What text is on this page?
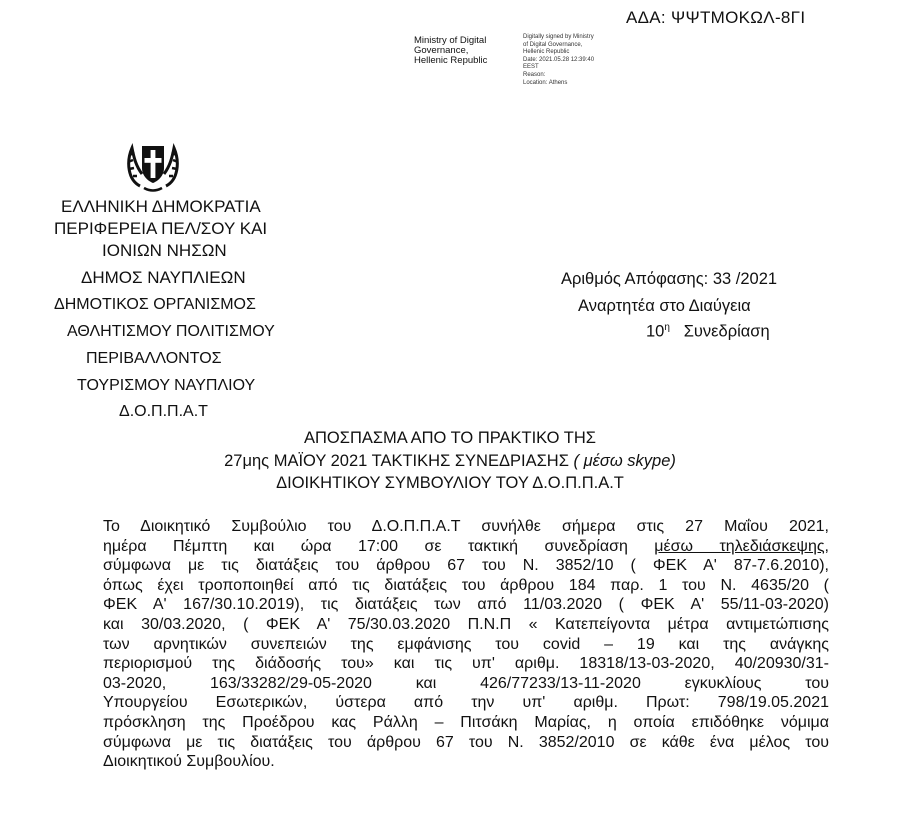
ΑΔΑ: ΨΨΤΜΟΚΩΛ-8ΓΙ
Ministry of Digital
Governance,
Hellenic Republic
Digitally signed by Ministry
of Digital Governance,
Hellenic Republic
Date: 2021.05.28 12:39:40
EEST
Reason:
Location: Athens
ΕΛΛΗΝΙΚΗ ΔΗΜΟΚΡΑΤΙΑ
ΠΕΡΙΦΕΡΕΙΑ ΠΕΛ/ΣΟΥ ΚΑΙ
ΙΟΝΙΩΝ ΝΗΣΩΝ
ΔΗΜΟΣ ΝΑΥΠΛΙΕΩΝ
ΔΗΜΟΤΙΚΟΣ ΟΡΓΑΝΙΣΜΟΣ
ΑΘΛΗΤΙΣΜΟΥ ΠΟΛΙΤΙΣΜΟΥ
ΠΕΡΙΒΑΛΛΟΝΤΟΣ
ΤΟΥΡΙΣΜΟΥ ΝΑΥΠΛΙΟΥ
Δ.Ο.Π.Π.Α.Τ
Αριθμός Απόφασης: 33 /2021
Αναρτητέα στο Διαύγεια
$10^\eta$ Συνεδρίαση
ΑΠΟΣΠΑΣΜΑ ΑΠΟ ΤΟ ΠΡΑΚΤΙΚΟ ΤΗΣ
27μης ΜΑΪΟΥ 2021 ΤΑΚΤΙΚΗΣ ΣΥΝΕΔΡΙΑΣΗΣ ( μέσω skype)
ΔΙΟΙΚΗΤΙΚΟΥ ΣΥΜΒΟΥΛΙΟΥ ΤΟΥ Δ.Ο.Π.Π.Α.Τ
Το Διοικητικό Συμβούλιο του Δ.Ο.Π.Π.Α.Τ συνήλθε σήμερα στις 27 Μαΐου 2021,
ημέρα Πέμπτη και ώρα 17:00 σε τακτική συνεδρίαση μέσω τηλεδιάσκεψης,
σύμφωνα με τις διατάξεις του άρθρου 67 του Ν. 3852/10 ( ΦΕΚ Α' 87-7.6.2010),
όπως έχει τροποποιηθεί από τις διατάξεις του άρθρου 184 παρ. 1 του Ν. 4635/20 (
ΦΕΚ Α' 167/30.10.2019), τις διατάξεις των από 11/03.2020 ( ΦΕΚ Α' 55/11-03-2020)
και 30/03.2020, ( ΦΕΚ Α' 75/30.03.2020 Π.Ν.Π « Κατεπείγοντα μέτρα αντιμετώπισης
των αρνητικών συνεπειών της εμφάνισης του covid – 19 και της ανάγκης
περιορισμού της διάδοσής του» και τις υπ' αριθμ. 18318/13-03-2020, 40/20930/31-
03-2020, 163/33282/29-05-2020 και 426/77233/13-11-2020 εγκυκλίους του
Υπουργείου Εσωτερικών, ύστερα από την υπ' αριθμ. Πρωτ: 798/19.05.2021
πρόσκληση της Προέδρου κας Ράλλη – Πιτσάκη Μαρίας, η οποία επιδόθηκε νόμιμα
σύμφωνα με τις διατάξεις του άρθρου 67 του Ν. 3852/2010 σε κάθε ένα μέλος του
Διοικητικού Συμβουλίου.
